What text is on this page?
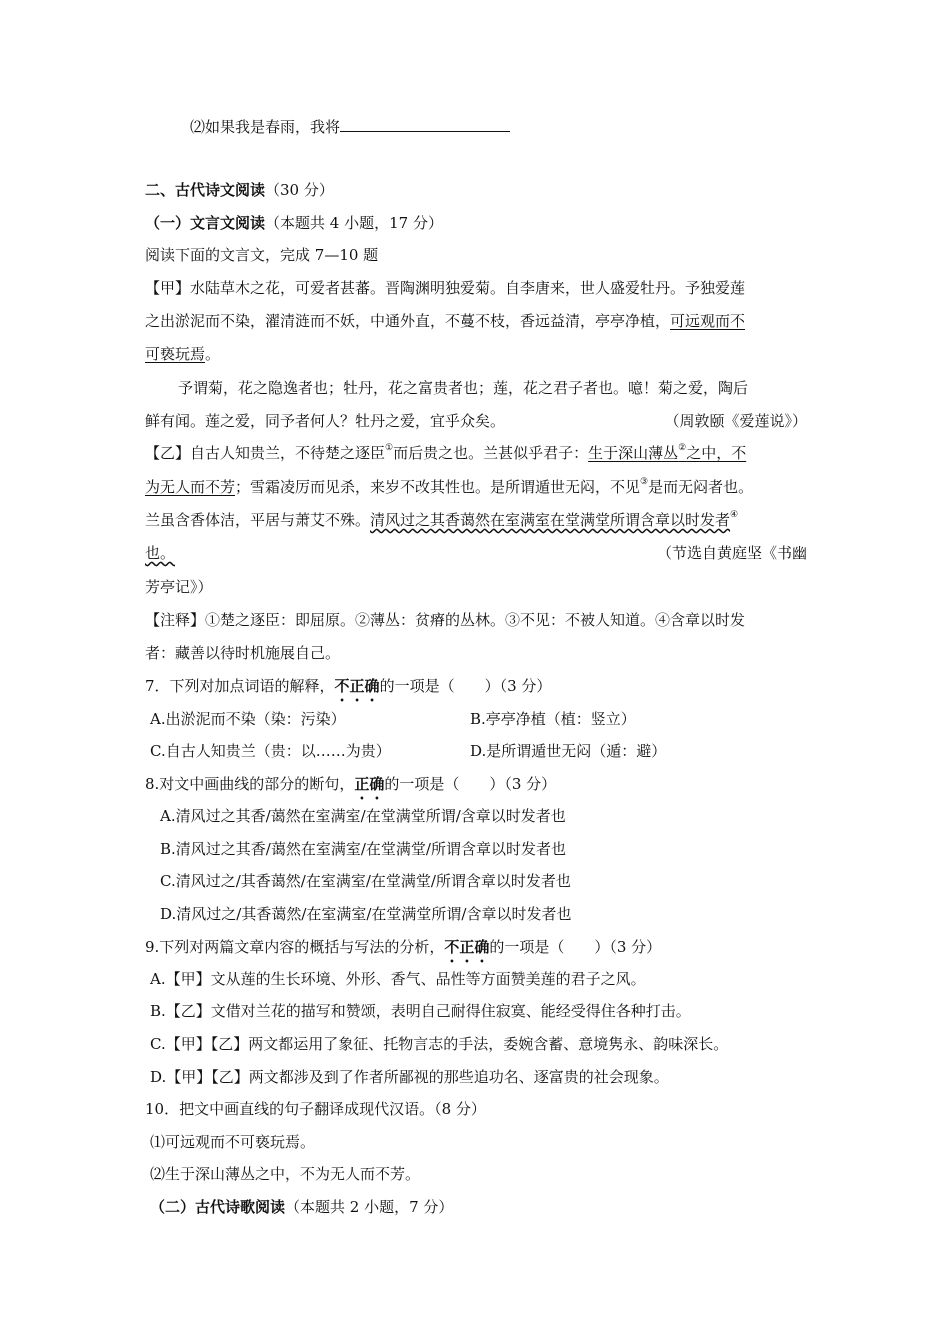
⑵如果我是春雨，我将
二、古代诗文阅读（30 分）
（一）文言文阅读（本题共 4 小题，17 分）
阅读下面的文言文，完成 7—10 题
【甲】水陆草木之花，可爱者甚蕃。晋陶渊明独爱菊。自李唐来，世人盛爱牡丹。予独爱莲
之出淤泥而不染，濯清涟而不妖，中通外直，不蔓不枝，香远益清，亭亭净植，可远观而不
可亵玩焉。
予谓菊，花之隐逸者也；牡丹，花之富贵者也；莲，花之君子者也。噫！菊之爱，陶后
鲜有闻。莲之爱，同予者何人？牡丹之爱，宜乎众矣。	（周敦颐《爱莲说》）
【乙】自古人知贵兰，不待楚之逐臣①而后贵之也。兰甚似乎君子：生于深山薄丛②之中，不
为无人而不芳；雪霜凌厉而见杀，来岁不改其性也。是所谓遁世无闷，不见③是而无闷者也。
兰虽含香体洁，平居与萧艾不殊。清风过之其香蔼然在室满室在堂满堂所谓含章以时发者④
也。	（节选自黄庭坚《书幽
芳亭记》）
【注释】①楚之逐臣：即屈原。②薄丛：贫瘠的丛林。③不见：不被人知道。④含章以时发
者：藏善以待时机施展自己。
7．下列对加点词语的解释，不正确的一项是（　　）（3 分）
A.出淤泥而不染（染：污染）	B.亭亭净植（植：竖立）
C.自古人知贵兰（贵：以……为贵）	D.是所谓遁世无闷（遁：避）
8.对文中画曲线的部分的断句，正确的一项是（　　）（3 分）
A.清风过之其香/蔼然在室满室/在堂满堂所谓/含章以时发者也
B.清风过之其香/蔼然在室满室/在堂满堂/所谓含章以时发者也
C.清风过之/其香蔼然/在室满室/在堂满堂/所谓含章以时发者也
D.清风过之/其香蔼然/在室满室/在堂满堂所谓/含章以时发者也
9.下列对两篇文章内容的概括与写法的分析，不正确的一项是（　　）（3 分）
A.【甲】文从莲的生长环境、外形、香气、品性等方面赞美莲的君子之风。
B.【乙】文借对兰花的描写和赞颂，表明自己耐得住寂寞、能经受得住各种打击。
C.【甲】【乙】两文都运用了象征、托物言志的手法，委婉含蓄、意境隽永、韵味深长。
D.【甲】【乙】两文都涉及到了作者所鄙视的那些追功名、逐富贵的社会现象。
10．把文中画直线的句子翻译成现代汉语。（8 分）
⑴可远观而不可亵玩焉。
⑵生于深山薄丛之中，不为无人而不芳。
（二）古代诗歌阅读（本题共 2 小题，7 分）
